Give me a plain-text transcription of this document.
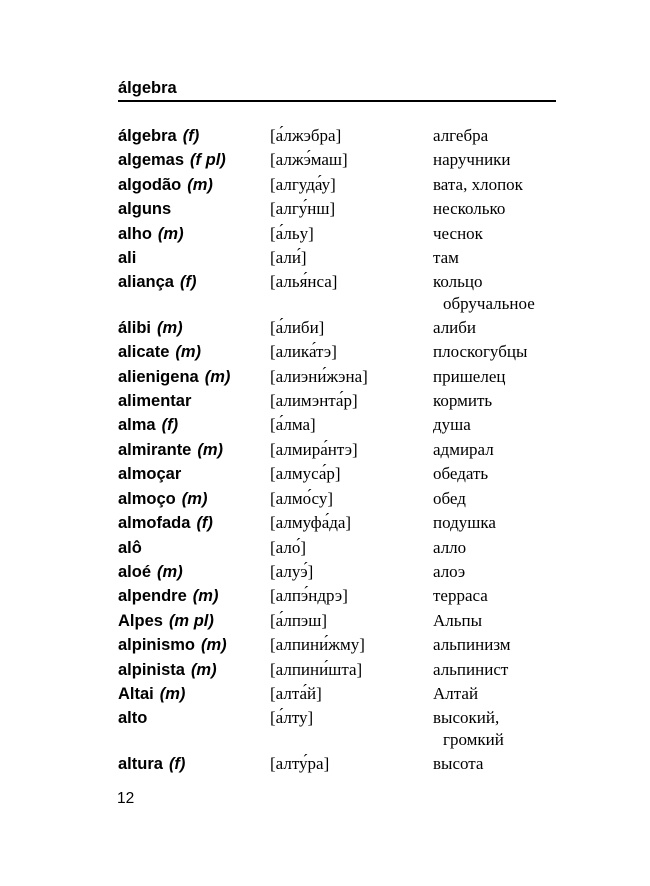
álgebra
álgebra (f)	[а́лжэбра]	алгебра
algemas (f pl)	[алжэ́маш]	наручники
algodão (m)	[алгуда́у]	вата, хлопок
alguns	[алгу́нш]	несколько
alho (m)	[а́льу]	чеснок
ali	[али́]	там
aliança (f)	[алья́нса]	кольцо
обручальное
álibi (m)	[а́либи]	алиби
alicate (m)	[алика́тэ]	плоскогубцы
alienigena (m)	[алиэни́жэна]	пришелец
alimentar	[алимэнта́р]	кормить
alma (f)	[а́лма]	душа
almirante (m)	[алмира́нтэ]	адмирал
almoçar	[алмуса́р]	обедать
almoço (m)	[алмо́су]	обед
almofada (f)	[алмуфа́да]	подушка
alô	[ало́]	алло
aloé (m)	[алуэ́]	алоэ
alpendre (m)	[алпэ́ндрэ]	терраса
Alpes (m pl)	[а́лпэш]	Альпы
alpinismo (m)	[алпини́жму]	альпинизм
alpinista (m)	[алпини́шта]	альпинист
Altai (m)	[алта́й]	Алтай
alto	[а́лту]	высокий,
громкий
altura (f)	[алту́ра]	высота
12
